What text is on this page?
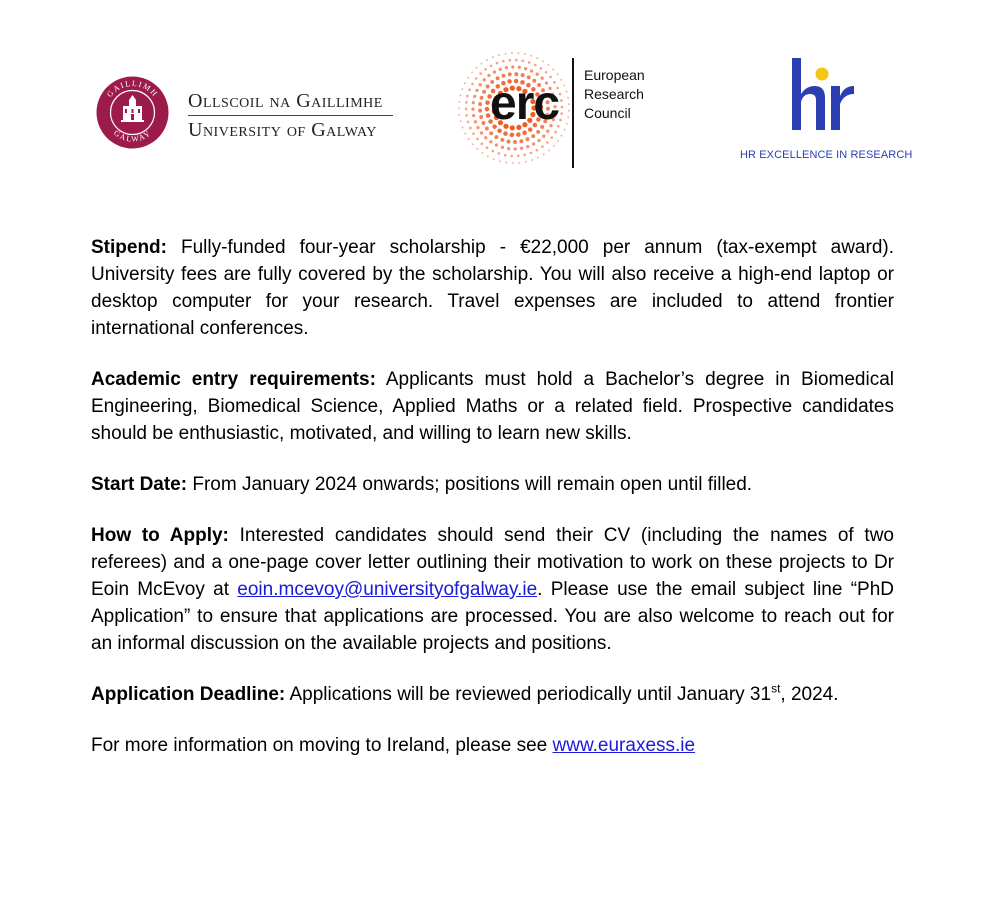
GAILLIMH
GALWAY
Ollscoil na Gaillimhe
University of Galway	erc
European
Research
Council
HR EXCELLENCE IN RESEARCH

Stipend: Fully-funded four-year scholarship - €22,000 per annum (tax-exempt award). University fees are fully covered by the scholarship. You will also receive a high-end laptop or desktop computer for your research. Travel expenses are included to attend frontier international conferences.

Academic entry requirements: Applicants must hold a Bachelor’s degree in Biomedical Engineering, Biomedical Science, Applied Maths or a related field. Prospective candidates should be enthusiastic, motivated, and willing to learn new skills.

Start Date: From January 2024 onwards; positions will remain open until filled.

How to Apply: Interested candidates should send their CV (including the names of two referees) and a one-page cover letter outlining their motivation to work on these projects to Dr Eoin McEvoy at eoin.mcevoy@universityofgalway.ie. Please use the email subject line “PhD Application” to ensure that applications are processed. You are also welcome to reach out for an informal discussion on the available projects and positions.

Application Deadline: Applications will be reviewed periodically until January 31st, 2024.

For more information on moving to Ireland, please see www.euraxess.ie
